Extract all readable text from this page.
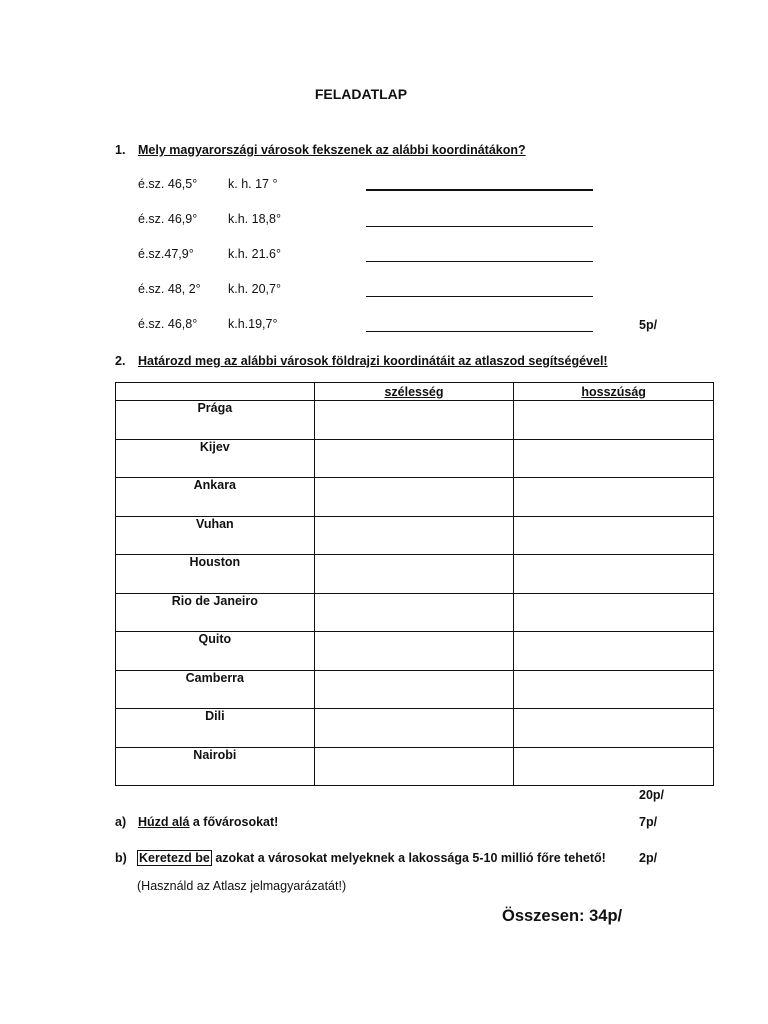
FELADATLAP
1. Mely magyarországi városok fekszenek az alábbi koordinátákon?
é.sz. 46,5° k. h. 17 °
é.sz. 46,9° k.h. 18,8°
é.sz.47,9°	k.h. 21.6°
é.sz. 48, 2° k.h. 20,7°
é.sz. 46,8° k.h.19,7°	5p/
2. Határozd meg az alábbi városok földrajzi koordinátáit az atlaszod segítségével!
	szélesség	hosszúság
Prága		
Kijev		
Ankara		
Vuhan		
Houston		
Rio de Janeiro		
Quito		
Camberra		
Dili		
Nairobi		
20p/
a) Húzd alá a fővárosokat!	7p/
b) Keretezd be azokat a városokat melyeknek a lakossága 5-10 millió főre tehető!	2p/
(Használd az Atlasz jelmagyarázatát!)
Összesen: 34p/
